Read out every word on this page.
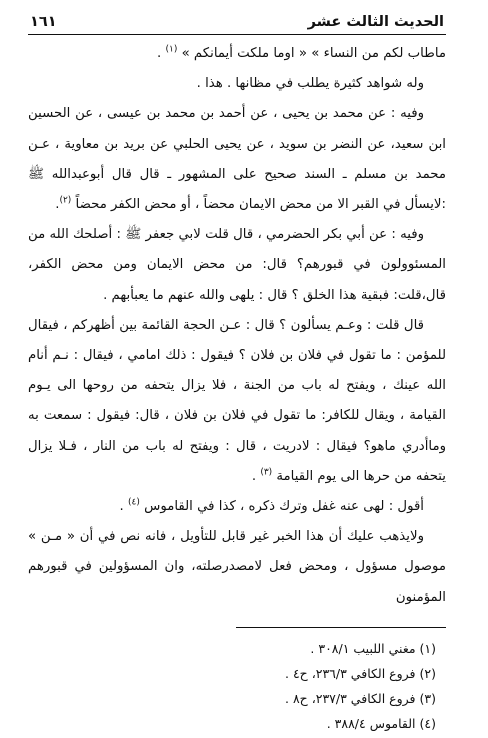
الحديث الثالث عشر
١٦١

ماطاب لكم من النساء » « اوما ملكت أيمانكم » $^{(١)}$ .

وله شواهد كثيرة يطلب في مظانها . هذا .

وفيه : عن محمد بن يحيى ، عن أحمد بن محمد بن عيسى ، عن الحسين ابن سعيد، عن النضر بن سويد ، عن يحيى الحلبي عن بريد بن معاوية ، عـن محمد بن مسلم ـ السند صحيح على المشهور ـ قال قال أبوعبدالله ﷺ :لايسأل في القبر الا من محض الايمان محضاً ، أو محض الكفر محضاً $^{(٢)}$.

وفيه : عن أبي بكر الحضرمي ، قال قلت لابي جعفر ﷺ : أصلحك الله من المسئوولون في قبورهم؟ قال: من محض الايمان ومن محض الكفر، قال،قلت: فبقية هذا الخلق ؟ قال : يلهى والله عنهم ما يعبأبهم .

قال قلت : وعـم يسألون ؟ قال : عـن الحجة القائمة بين أظهركم ، فيقال للمؤمن : ما تقول في فلان بن فلان ؟ فيقول : ذلك امامي ، فيقال : نـم أنام الله عينك ، ويفتح له باب من الجنة ، فلا يزال يتحفه من روحها الى يـوم القيامة ، ويقال للكافر: ما تقول في فلان بن فلان ، قال: فيقول : سمعت به وماأدري ماهو؟ فيقال : لادريت ، قال : ويفتح له باب من النار ، فـلا يزال يتحفه من حرها الى يوم القيامة $^{(٣)}$ .

أقول : لهى عنه غفل وترك ذكره ، كذا في القاموس $^{(٤)}$ .

ولايذهب عليك أن هذا الخبر غير قابل للتأويل ، فانه نص في أن « مـن » موصول مسؤول ، ومحض فعل لامصدرصلته، وان المسؤولين في قبورهم المؤمنون

(١) مغني اللبيب ٣٠٨/١ .
(٢) فروع الكافي ٢٣٦/٣، ح٤ .
(٣) فروع الكافي ٢٣٧/٣، ح٨ .
(٤) القاموس ٣٨٨/٤ .
